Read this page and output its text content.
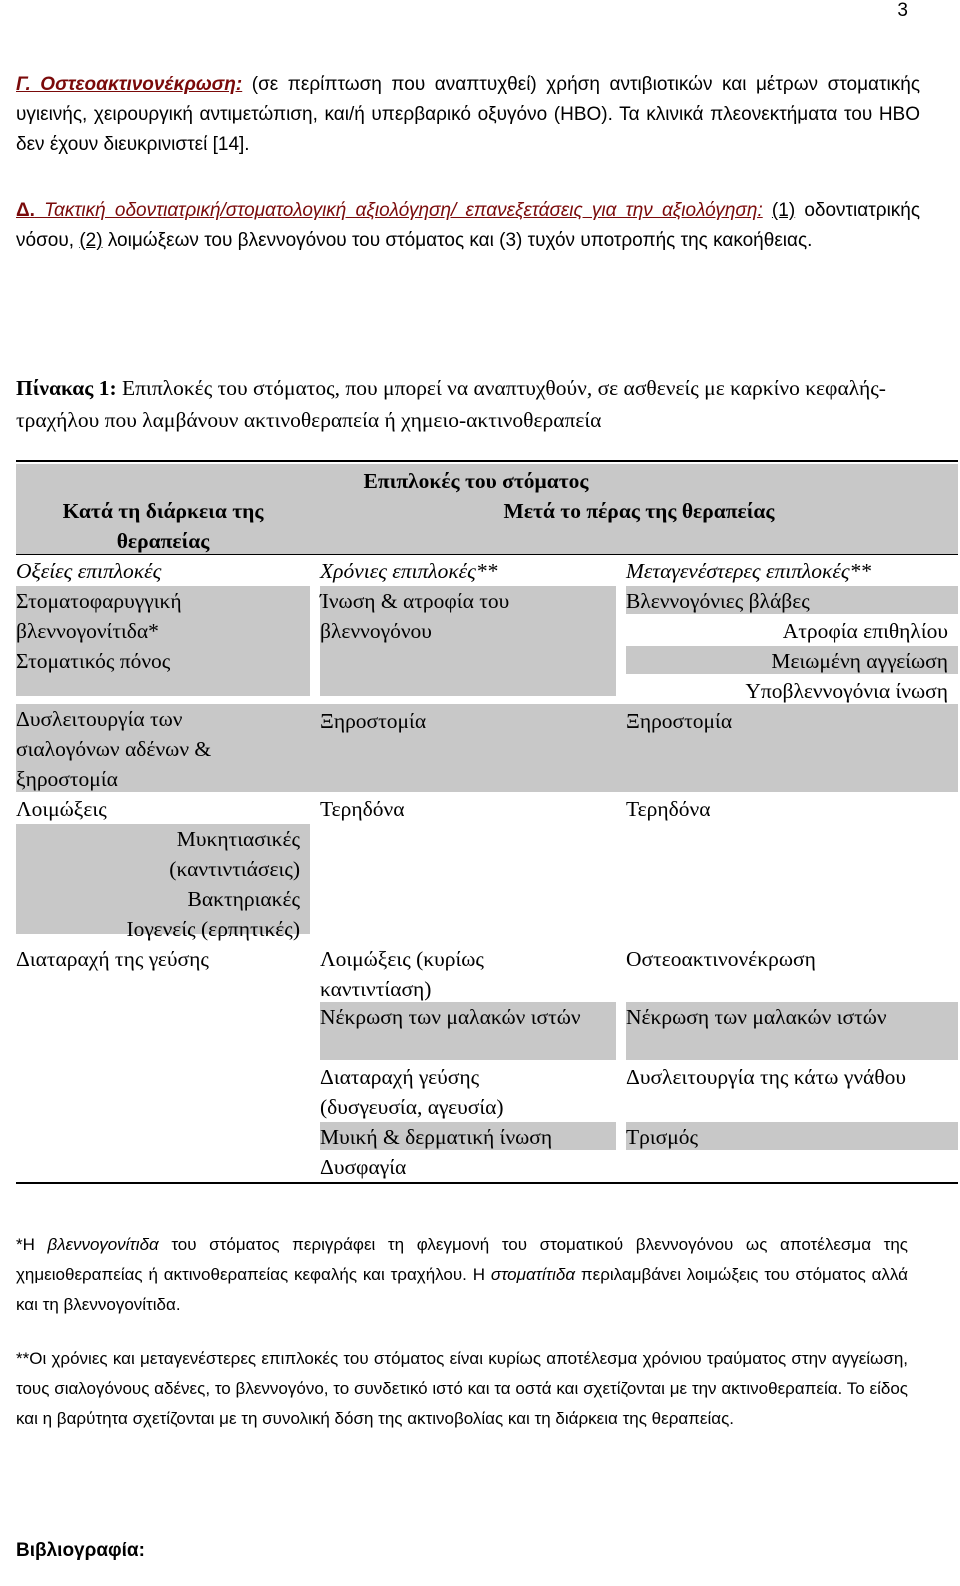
3

Γ. Οστεοακτινονέκρωση: (σε περίπτωση που αναπτυχθεί) χρήση αντιβιοτικών και μέτρων στοματικής υγιεινής, χειρουργική αντιμετώπιση, και/ή υπερβαρικό οξυγόνο (HBO). Τα κλινικά πλεονεκτήματα του HBO δεν έχουν διευκρινιστεί [14].

Δ. Τακτική οδοντιατρική/στοματολογική αξιολόγηση/ επανεξετάσεις για την αξιολόγηση: (1) οδοντιατρικής νόσου, (2) λοιμώξεων του βλεννογόνου του στόματος και (3) τυχόν υποτροπής της κακοήθειας.

Πίνακας 1: Επιπλοκές του στόματος, που μπορεί να αναπτυχθούν, σε ασθενείς με καρκίνο κεφαλής-τραχήλου που λαμβάνουν ακτινοθεραπεία ή χημειο-ακτινοθεραπεία

Επιπλοκές του στόματος
Κατά τη διάρκεια της θεραπείας
Μετά το πέρας της θεραπείας
Οξείες επιπλοκές	Χρόνιες επιπλοκές**	Μεταγενέστερες επιπλοκές**
Στοματοφαρυγγική βλεννογονίτιδα*
Στοματικός πόνος
Δυσλειτουργία των σιαλογόνων αδένων & ξηροστομία
Λοιμώξεις
Μυκητιασικές (καντιντιάσεις)
Βακτηριακές
Ιογενείς (ερπητικές)
Διαταραχή της γεύσης
Ίνωση & ατροφία του βλεννογόνου
Ξηροστομία
Τερηδόνα
Λοιμώξεις (κυρίως καντιντίαση)
Νέκρωση των μαλακών ιστών
Διαταραχή γεύσης (δυσγευσία, αγευσία)
Μυική & δερματική ίνωση
Δυσφαγία
Βλεννογόνιες βλάβες
Ατροφία επιθηλίου
Μειωμένη αγγείωση
Υποβλεννογόνια ίνωση
Ξηροστομία
Τερηδόνα
Οστεοακτινονέκρωση
Νέκρωση των μαλακών ιστών
Δυσλειτουργία της κάτω γνάθου
Τρισμός

*Η βλεννογονίτιδα του στόματος περιγράφει τη φλεγμονή του στοματικού βλεννογόνου ως αποτέλεσμα της χημειοθεραπείας ή ακτινοθεραπείας κεφαλής και τραχήλου. Η στοματίτιδα περιλαμβάνει λοιμώξεις του στόματος αλλά και τη βλεννογονίτιδα.

**Οι χρόνιες και μεταγενέστερες επιπλοκές του στόματος είναι κυρίως αποτέλεσμα χρόνιου τραύματος στην αγγείωση, τους σιαλογόνους αδένες, το βλεννογόνο, το συνδετικό ιστό και τα οστά και σχετίζονται με την ακτινοθεραπεία. Το είδος και η βαρύτητα σχετίζονται με τη συνολική δόση της ακτινοβολίας και τη διάρκεια της θεραπείας.

Βιβλιογραφία:
